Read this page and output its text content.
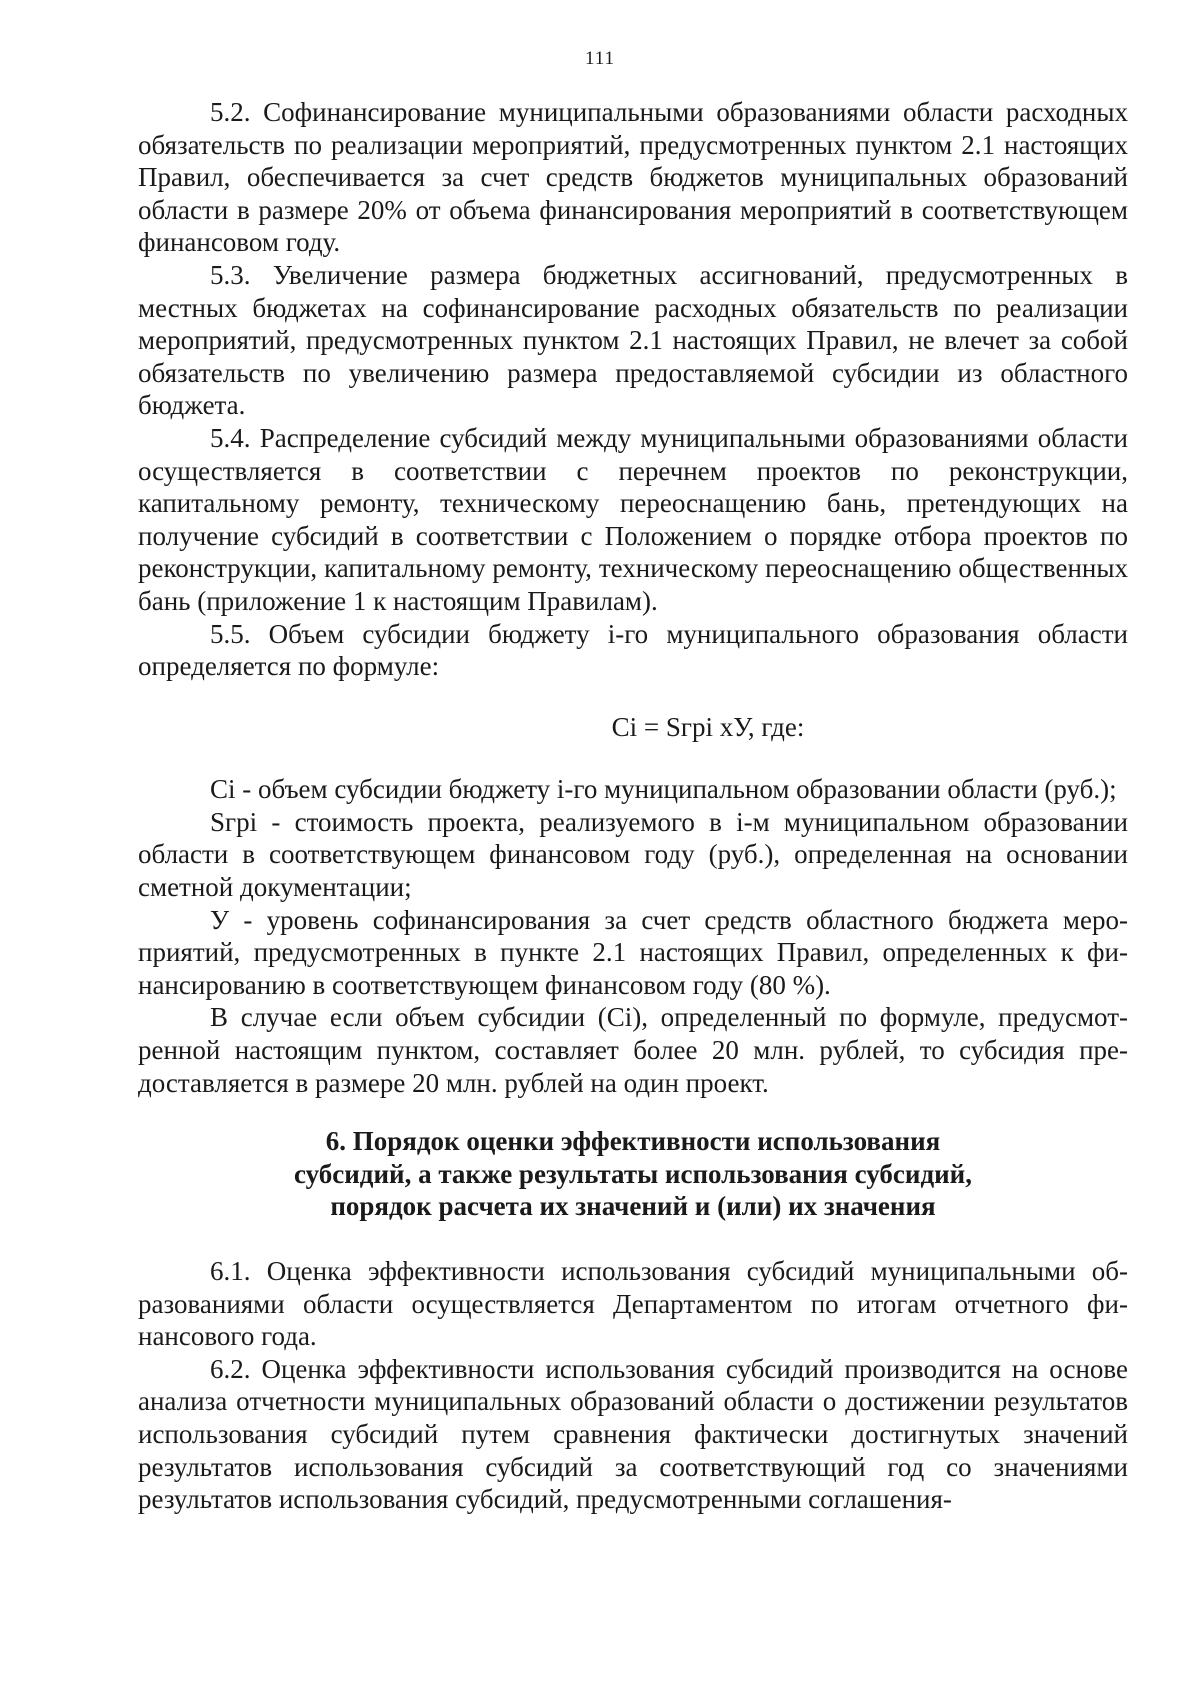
111

5.2. Софинансирование муниципальными образованиями области расходных обязательств по реализации мероприятий, предусмотренных пунктом 2.1 настоящих Правил, обеспечивается за счет средств бюджетов муниципальных образований области в размере 20% от объема финансирования мероприятий в соответствующем финансовом году.

5.3. Увеличение размера бюджетных ассигнований, предусмотренных в местных бюджетах на софинансирование расходных обязательств по реализации мероприятий, предусмотренных пунктом 2.1 настоящих Правил, не влечет за собой обязательств по увеличению размера предоставляемой субсидии из областного бюджета.

5.4. Распределение субсидий между муниципальными образованиями области осуществляется в соответствии с перечнем проектов по реконструкции, капитальному ремонту, техническому переоснащению бань, претендующих на получение субсидий в соответствии с Положением о порядке отбора проектов по реконструкции, капитальному ремонту, техническому переоснащению общественных бань (приложение 1 к настоящим Правилам).

5.5. Объем субсидии бюджету i-го муниципального образования области определяется по формуле:

Ci = Sгpi xУ, где:

Ci - объем субсидии бюджету i-го муниципальном образовании области (руб.);

Sгpi - стоимость проекта, реализуемого в i-м муниципальном образовании области в соответствующем финансовом году (руб.), определенная на основании сметной документации;

У - уровень софинансирования за счет средств областного бюджета мероприятий, предусмотренных в пункте 2.1 настоящих Правил, определенных к финансированию в соответствующем финансовом году (80 %).

В случае если объем субсидии (Ci), определенный по формуле, предусмотренной настоящим пунктом, составляет более 20 млн. рублей, то субсидия предоставляется в размере 20 млн. рублей на один проект.

6. Порядок оценки эффективности использования
субсидий, а также результаты использования субсидий,
порядок расчета их значений и (или) их значения

6.1. Оценка эффективности использования субсидий муниципальными образованиями области осуществляется Департаментом по итогам отчетного финансового года.

6.2. Оценка эффективности использования субсидий производится на основе анализа отчетности муниципальных образований области о достижении результатов использования субсидий путем сравнения фактически достигнутых значений результатов использования субсидий за соответствующий год со значениями результатов использования субсидий, предусмотренными соглашения-
